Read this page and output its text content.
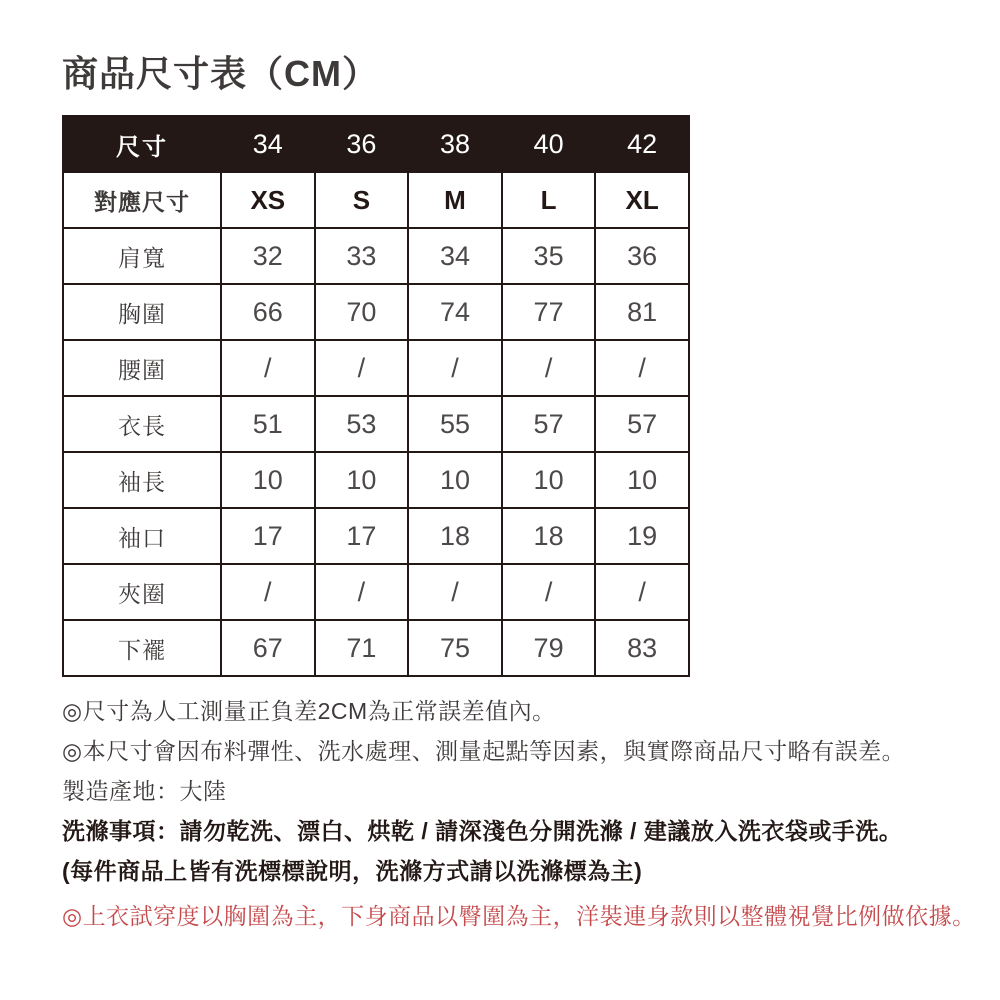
商品尺寸表（CM）
尺寸	34	36	38	40	42
對應尺寸	XS	S	M	L	XL
肩寬	32	33	34	35	36
胸圍	66	70	74	77	81
腰圍	/	/	/	/	/
衣長	51	53	55	57	57
袖長	10	10	10	10	10
袖口	17	17	18	18	19
夾圈	/	/	/	/	/
下襬	67	71	75	79	83

◎尺寸為人工測量正負差2CM為正常誤差值內。

◎本尺寸會因布料彈性、洗水處理、測量起點等因素，與實際商品尺寸略有誤差。

製造產地：大陸

洗滌事項：請勿乾洗、漂白、烘乾 / 請深淺色分開洗滌 / 建議放入洗衣袋或手洗。

(每件商品上皆有洗標標說明，洗滌方式請以洗滌標為主)

◎上衣試穿度以胸圍為主，下身商品以臀圍為主，洋裝連身款則以整體視覺比例做依據。
